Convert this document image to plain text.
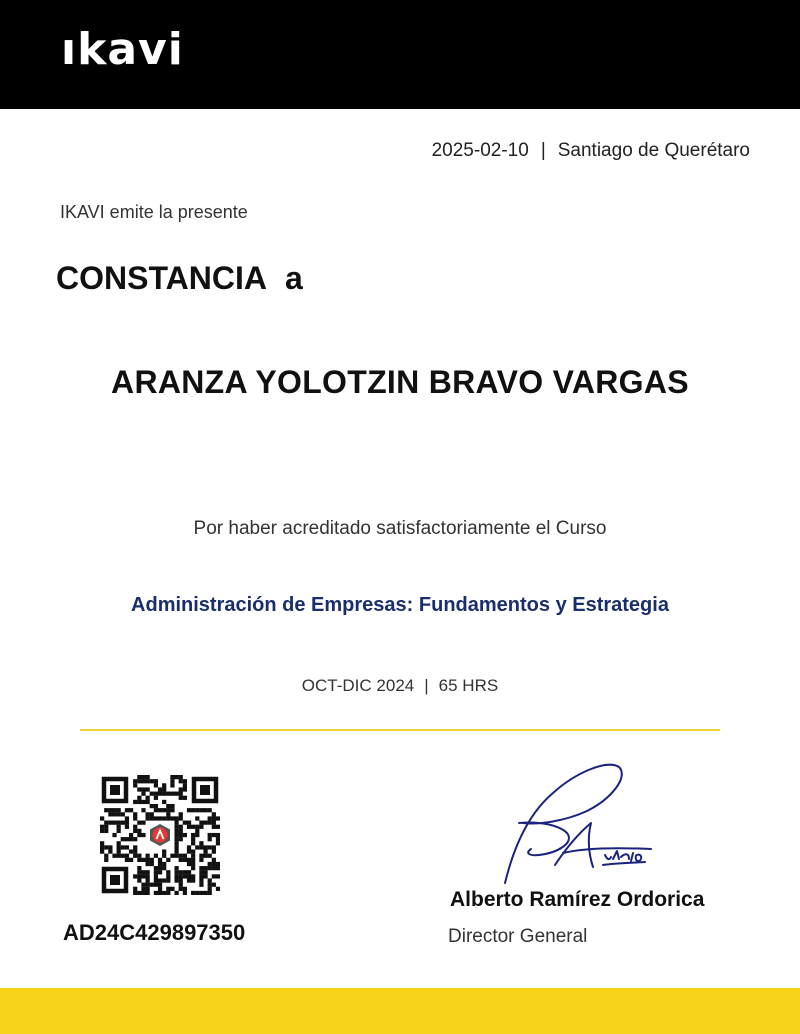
ıkavi
2025-02-10 | Santiago de Querétaro
IKAVI emite la presente
CONSTANCIA a
ARANZA YOLOTZIN BRAVO VARGAS
Por haber acreditado satisfactoriamente el Curso
Administración de Empresas: Fundamentos y Estrategia
OCT-DIC 2024 | 65 HRS
AD24C429897350
Alberto Ramírez Ordorica
Director General
